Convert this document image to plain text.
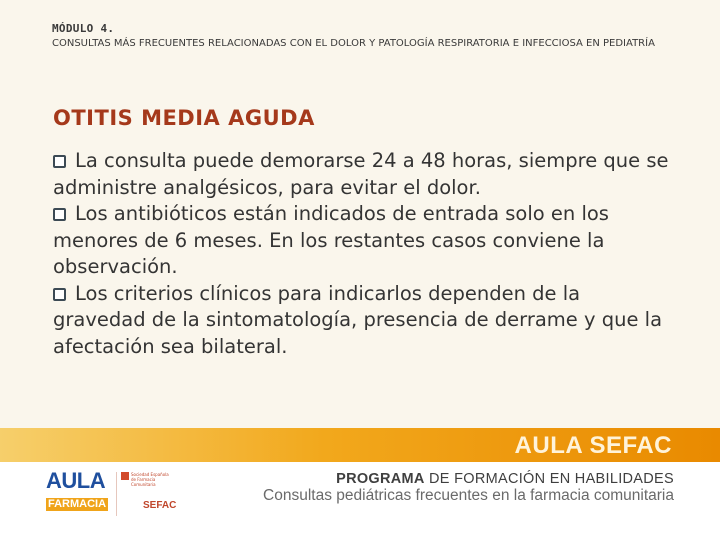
MÓDULO 4.
CONSULTAS MÁS FRECUENTES RELACIONADAS CON EL DOLOR Y PATOLOGÍA RESPIRATORIA E INFECCIOSA EN PEDIATRÍA
OTITIS MEDIA AGUDA
La consulta puede demorarse 24 a 48 horas, siempre que se administre analgésicos, para evitar el dolor.
Los antibióticos están indicados de entrada solo en los menores de 6 meses. En los restantes casos conviene la observación.
Los criterios clínicos para indicarlos dependen de la gravedad de la sintomatología, presencia de derrame y que la afectación sea bilateral.
AULA SEFAC
AULA
FARMACIA
Sociedad Española de Farmacia Comunitaria
SEFAC
PROGRAMA DE FORMACIÓN EN HABILIDADES
Consultas pediátricas frecuentes en la farmacia comunitaria
